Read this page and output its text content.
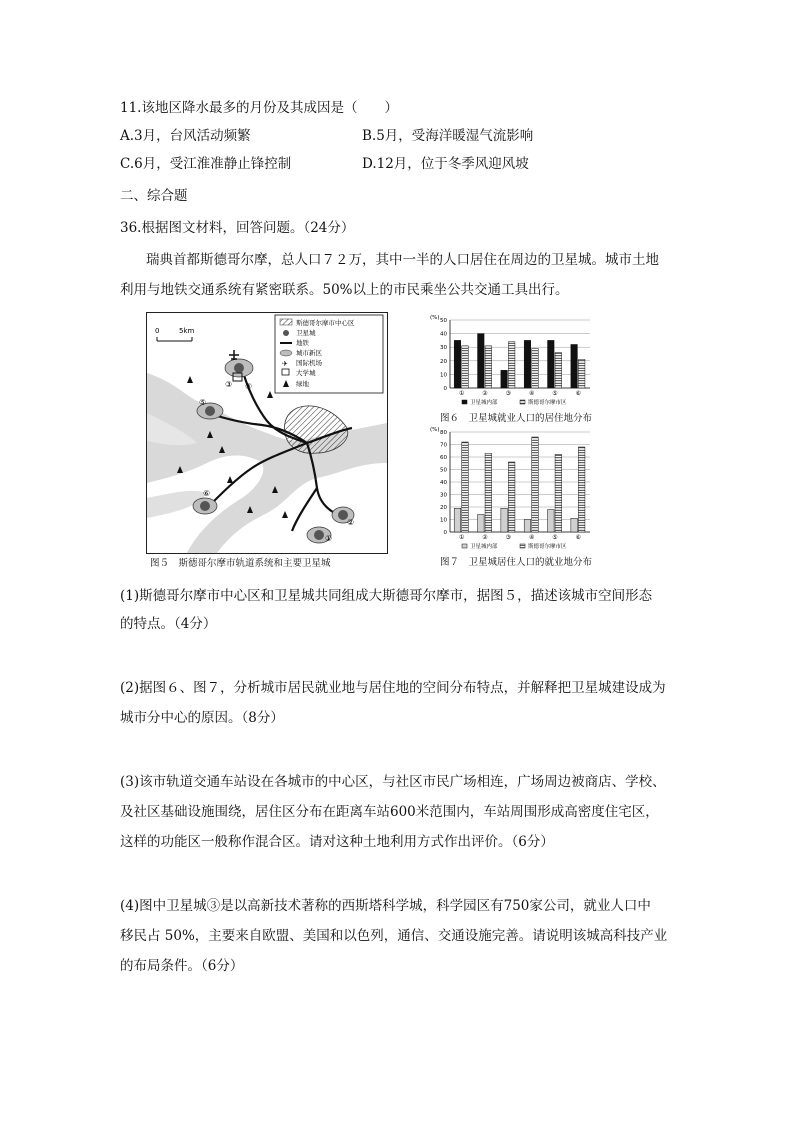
11.该地区降水最多的月份及其成因是（　　）
A.3月，台风活动频繁	B.5月，受海洋暖湿气流影响
C.6月，受江淮准静止锋控制	D.12月，位于冬季风迎风坡
二、综合题
36.根据图文材料，回答问题。（24分）
瑞典首都斯德哥尔摩，总人口７２万，其中一半的人口居住在周边的卫星城。城市土地
利用与地铁交通系统有紧密联系。50%以上的市民乘坐公共交通工具出行。
①
②
③ ④
⑤
⑥
0	5km
斯德哥尔摩市中心区
卫星城
地铁
城市新区
✈ 国际机场
大学城
绿地
图５　斯德哥尔摩市轨道系统和主要卫星城
(%)
0
10
20
30
40
50
①	②	③	④	⑤	⑥
卫星城内部	斯德哥尔摩市区
图６　卫星城就业人口的居住地分布
(%)
0
10
20
30
40
50
60
70
80
①	②	③	④	⑤	⑥
卫星城内部	斯德哥尔摩市区
图７　卫星城居住人口的就业地分布
(1)斯德哥尔摩市中心区和卫星城共同组成大斯德哥尔摩市，据图５，描述该城市空间形态
的特点。（4分）
(2)据图６、图７，分析城市居民就业地与居住地的空间分布特点，并解释把卫星城建设成为
城市分中心的原因。（8分）
(3)该市轨道交通车站设在各城市的中心区，与社区市民广场相连，广场周边被商店、学校、
及社区基础设施围绕，居住区分布在距离车站600米范围内，车站周围形成高密度住宅区，
这样的功能区一般称作混合区。请对这种土地利用方式作出评价。（6分）
(4)图中卫星城③是以高新技术著称的西斯塔科学城，科学园区有750家公司，就业人口中
移民占 50%，主要来自欧盟、美国和以色列，通信、交通设施完善。请说明该城高科技产业
的布局条件。（6分）
